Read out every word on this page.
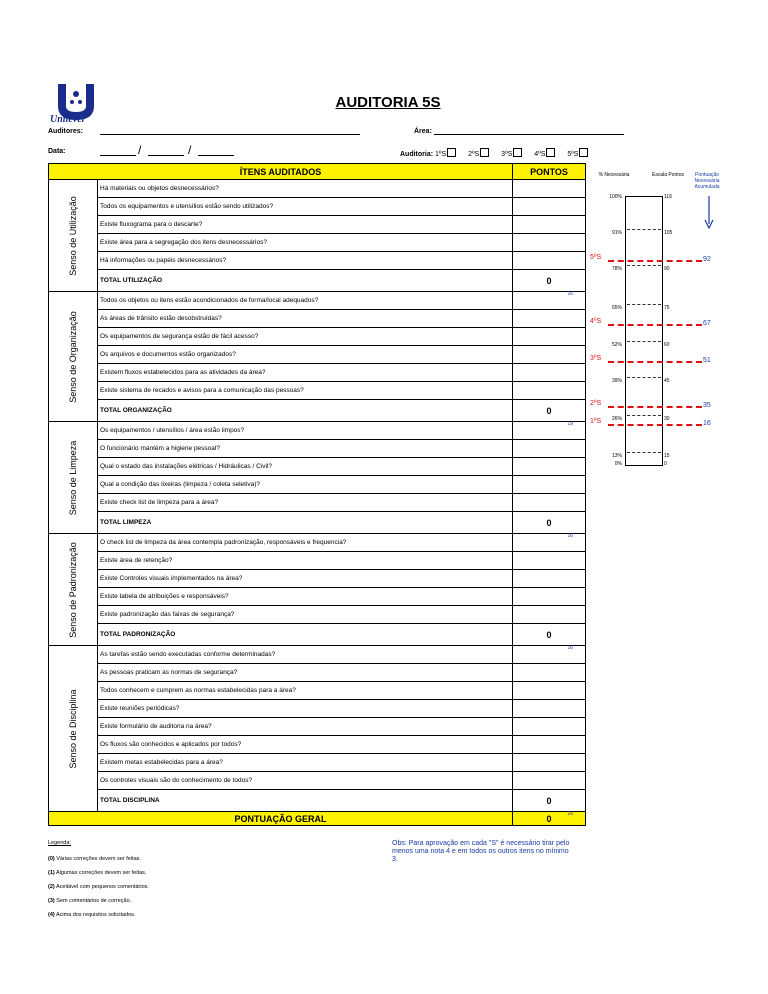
Unilever
AUDITORIA 5S
Auditores:	Área:
Data:	/	/	Auditoria: 1ºS	2ºS	3ºS	4ºS	5ºS
ÍTENS AUDITADOS		PONTOS

Senso de Utilização	Há materiais ou objetos desnecessários?	
	Todos os equipamentos e utensílios estão sendo utilizados?	
	Existe fluxograma para o descarte?	
	Existe área para a segregação dos itens desnecessários?	
	Há informações ou papéis desnecessários?	
	TOTAL UTILIZAÇÃO	0
16

Senso de Organização	Todos os objetos ou itens estão acondicionados de forma/local adequados?	
	As áreas de trânsito estão desobstruídas?	
	Os equipamentos de segurança estão de fácil acesso?	
	Os arquivos e documentos estão organizados?	
	Existem fluxos estabelecidos para as atividades da área?	
	Existe sistema de recados e avisos para a comunicação das pessoas?	
	TOTAL ORGANIZAÇÃO	0
19

Senso de Limpeza	Os equipamentos / utensílios / área estão limpos?	
	O funcionário mantém a higiene pessoal?	
	Qual o estado das instalações elétricas / Hidráulicas / Civil?	
	Qual a condição das lixeiras (limpeza / coleta seletiva)?	
	Existe check list de limpeza para a área?	
	TOTAL LIMPEZA	0
16

Senso de Padronização	O check list de limpeza da área contempla padronização, responsáveis e frequencia?	
	Existe área de retenção?	
	Existe Controles visuais implementados na área?	
	Existe tabela de atribuições e responsáveis?	
	Existe padronização das faixas de segurança?	
	TOTAL PADRONIZAÇÃO	0
16

Senso de Disciplina	As tarefas estão sendo executadas conforme determinadas?	
	As pessoas praticam as normas de segurança?	
	Todos conhecem e cumprem as normas estabelecidas para a área?	
	Existe reuniões periódicas?	
	Existe formulário de auditoria na área?	
	Os fluxos são conhecidos e aplicados por todos?	
	Existem metas estabelecidas para a área?	
	Os controles visuais são do conhecimento de todos?	
	TOTAL DISCIPLINA	0
25

PONTUAÇÃO GERAL		0
Legenda:
(0) Várias correções devem ser feitas.
(1) Algumas correções devem ser feitas.
(2) Aceitável com pequenos comentários.
(3) Sem comentários de correção.
(4) Acima dos requisitos solicitados.
Obs: Para aprovação em cada "S" é necessário tirar pelo menos uma nota 4 e em todos os outros itens no mínimo 3.
% Necessária	Escala Pontos	Pontuação Necessária Acumulada
100%	116
91%	105
78%	90
65%	75
52%	60
39%	45
26%	30
13%	15
0%	0
5ºS	92
4ºS	67
3ºS	51
2ºS	35
1ºS	16
